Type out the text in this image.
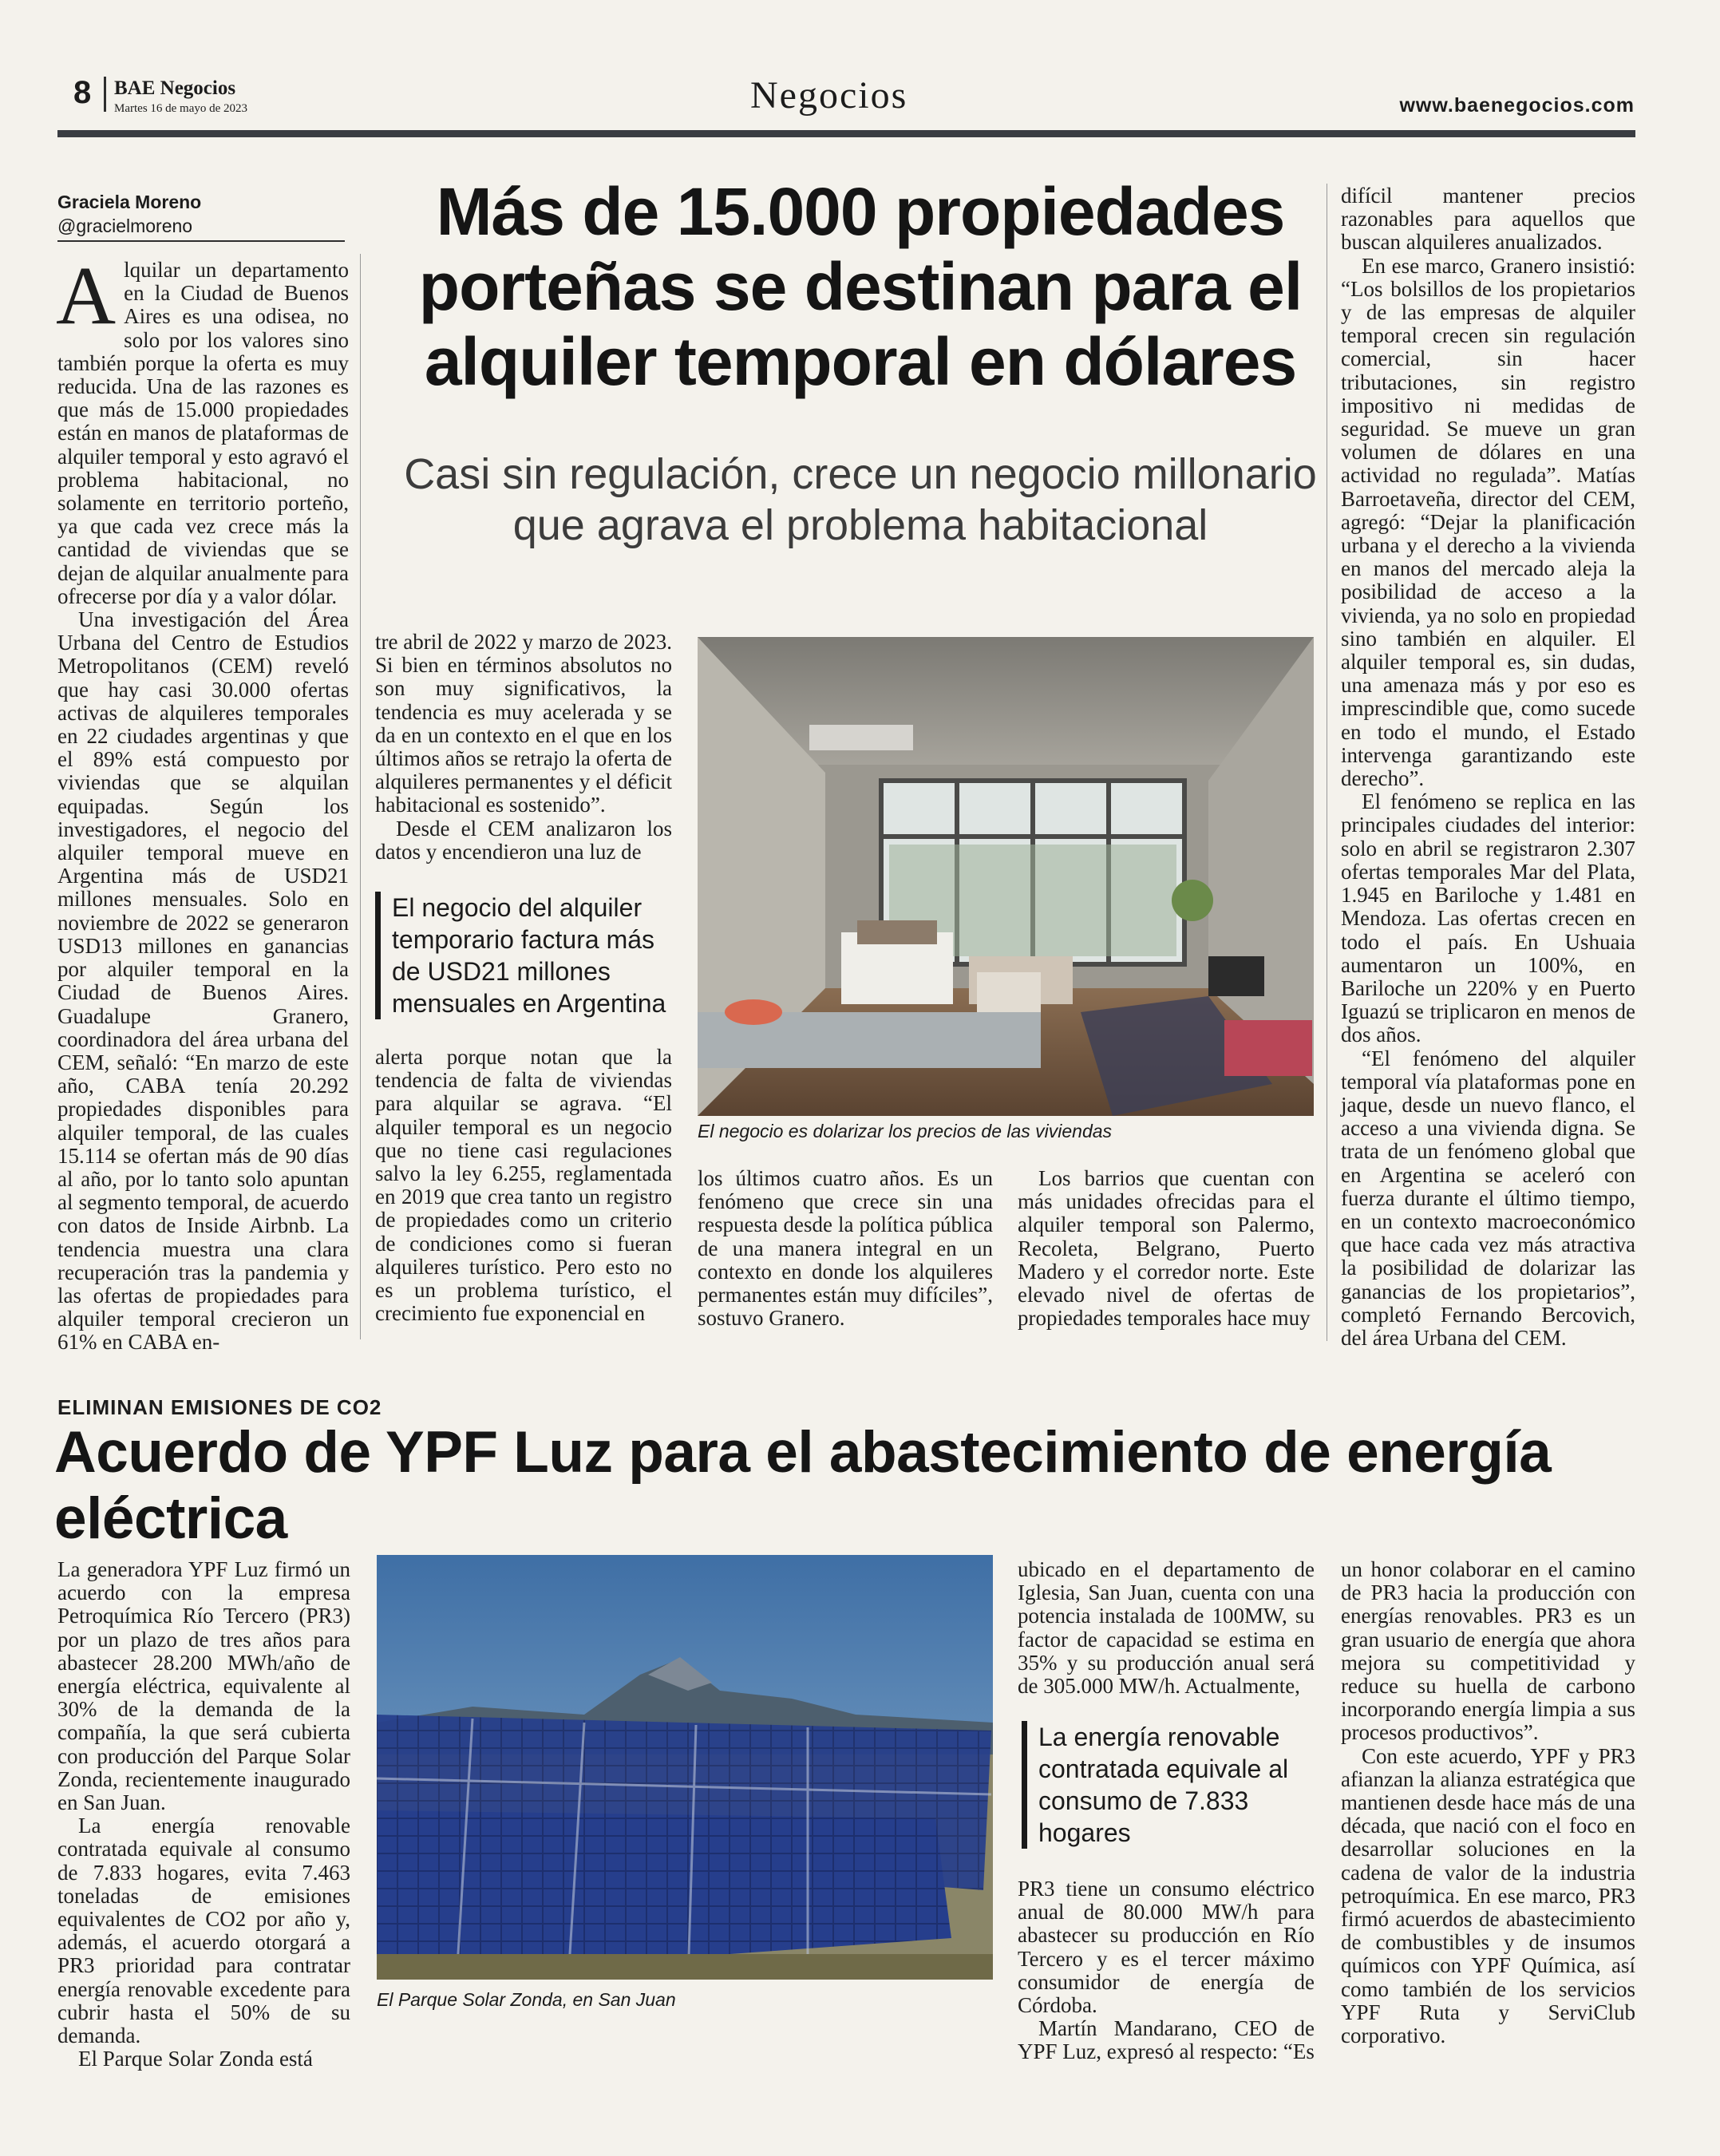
8 BAE Negocios
Martes 16 de mayo de 2023	Negocios	www.baenegocios.com
Graciela Moreno
@gracielmoreno	Más de 15.000 propiedades porteñas se destinan para el alquiler temporal en dólares
Casi sin regulación, crece un negocio millonario que agrava el problema habitacional

Alquilar un departamento en la Ciudad de Buenos Aires es una odisea, no solo por los valores sino también porque la oferta es muy reducida. Una de las razones es que más de 15.000 propiedades están en manos de plataformas de alquiler temporal y esto agravó el problema habitacional, no solamente en territorio porteño, ya que cada vez crece más la cantidad de viviendas que se dejan de alquilar anualmente para ofrecerse por día y a valor dólar.

Una investigación del Área Urbana del Centro de Estudios Metropolitanos (CEM) reveló que hay casi 30.000 ofertas activas de alquileres temporales en 22 ciudades argentinas y que el 89% está compuesto por viviendas que se alquilan equipadas. Según los investigadores, el negocio del alquiler temporal mueve en Argentina más de USD21 millones mensuales. Solo en noviembre de 2022 se generaron USD13 millones en ganancias por alquiler temporal en la Ciudad de Buenos Aires. Guadalupe Granero, coordinadora del área urbana del CEM, señaló: “En marzo de este año, CABA tenía 20.292 propiedades disponibles para alquiler temporal, de las cuales 15.114 se ofertan más de 90 días al año, por lo tanto solo apuntan al segmento temporal, de acuerdo con datos de Inside Airbnb. La tendencia muestra una clara recuperación tras la pandemia y las ofertas de propiedades para alquiler temporal crecieron un 61% en CABA en-

tre abril de 2022 y marzo de 2023. Si bien en términos absolutos no son muy significativos, la tendencia es muy acelerada y se da en un contexto en el que en los últimos años se retrajo la oferta de alquileres permanentes y el déficit habitacional es sostenido”.

Desde el CEM analizaron los datos y encendieron una luz de

El negocio del alquiler temporario factura más de USD21 millones mensuales en Argentina

alerta porque notan que la tendencia de falta de viviendas para alquilar se agrava. “El alquiler temporal es un negocio que no tiene casi regulaciones salvo la ley 6.255, reglamentada en 2019 que crea tanto un registro de propiedades como un criterio de condiciones como si fueran alquileres turístico. Pero esto no es un problema turístico, el crecimiento fue exponencial en

El negocio es dolarizar los precios de las viviendas

los últimos cuatro años. Es un fenómeno que crece sin una respuesta desde la política pública de una manera integral en un contexto en donde los alquileres permanentes están muy difíciles”, sostuvo Granero.

Los barrios que cuentan con más unidades ofrecidas para el alquiler temporal son Palermo, Recoleta, Belgrano, Puerto Madero y el corredor norte. Este elevado nivel de ofertas de propiedades temporales hace muy

difícil mantener precios razonables para aquellos que buscan alquileres anualizados.

En ese marco, Granero insistió: “Los bolsillos de los propietarios y de las empresas de alquiler temporal crecen sin regulación comercial, sin hacer tributaciones, sin registro impositivo ni medidas de seguridad. Se mueve un gran volumen de dólares en una actividad no regulada”. Matías Barroetaveña, director del CEM, agregó: “Dejar la planificación urbana y el derecho a la vivienda en manos del mercado aleja la posibilidad de acceso a la vivienda, ya no solo en propiedad sino también en alquiler. El alquiler temporal es, sin dudas, una amenaza más y por eso es imprescindible que, como sucede en todo el mundo, el Estado intervenga garantizando este derecho”.

El fenómeno se replica en las principales ciudades del interior: solo en abril se registraron 2.307 ofertas temporales Mar del Plata, 1.945 en Bariloche y 1.481 en Mendoza. Las ofertas crecen en todo el país. En Ushuaia aumentaron un 100%, en Bariloche un 220% y en Puerto Iguazú se triplicaron en menos de dos años.

“El fenómeno del alquiler temporal vía plataformas pone en jaque, desde un nuevo flanco, el acceso a una vivienda digna. Se trata de un fenómeno global que en Argentina se aceleró con fuerza durante el último tiempo, en un contexto macroeconómico que hace cada vez más atractiva la posibilidad de dolarizar las ganancias de los propietarios”, completó Fernando Bercovich, del área Urbana del CEM.

ELIMINAN EMISIONES DE CO2
Acuerdo de YPF Luz para el abastecimiento de energía eléctrica

La generadora YPF Luz firmó un acuerdo con la empresa Petroquímica Río Tercero (PR3) por un plazo de tres años para abastecer 28.200 MWh/año de energía eléctrica, equivalente al 30% de la demanda de la compañía, la que será cubierta con producción del Parque Solar Zonda, recientemente inaugurado en San Juan.

La energía renovable contratada equivale al consumo de 7.833 hogares, evita 7.463 toneladas de emisiones equivalentes de CO2 por año y, además, el acuerdo otorgará a PR3 prioridad para contratar energía renovable excedente para cubrir hasta el 50% de su demanda.

El Parque Solar Zonda está

El Parque Solar Zonda, en San Juan

ubicado en el departamento de Iglesia, San Juan, cuenta con una potencia instalada de 100MW, su factor de capacidad se estima en 35% y su producción anual será de 305.000 MW/h. Actualmente,

La energía renovable contratada equivale al consumo de 7.833 hogares

PR3 tiene un consumo eléctrico anual de 80.000 MW/h para abastecer su producción en Río Tercero y es el tercer máximo consumidor de energía de Córdoba.

Martín Mandarano, CEO de YPF Luz, expresó al respecto: “Es

un honor colaborar en el camino de PR3 hacia la producción con energías renovables. PR3 es un gran usuario de energía que ahora mejora su competitividad y reduce su huella de carbono incorporando energía limpia a sus procesos productivos”.

Con este acuerdo, YPF y PR3 afianzan la alianza estratégica que mantienen desde hace más de una década, que nació con el foco en desarrollar soluciones en la cadena de valor de la industria petroquímica. En ese marco, PR3 firmó acuerdos de abastecimiento de combustibles y de insumos químicos con YPF Química, así como también de los servicios YPF Ruta y ServiClub corporativo.
